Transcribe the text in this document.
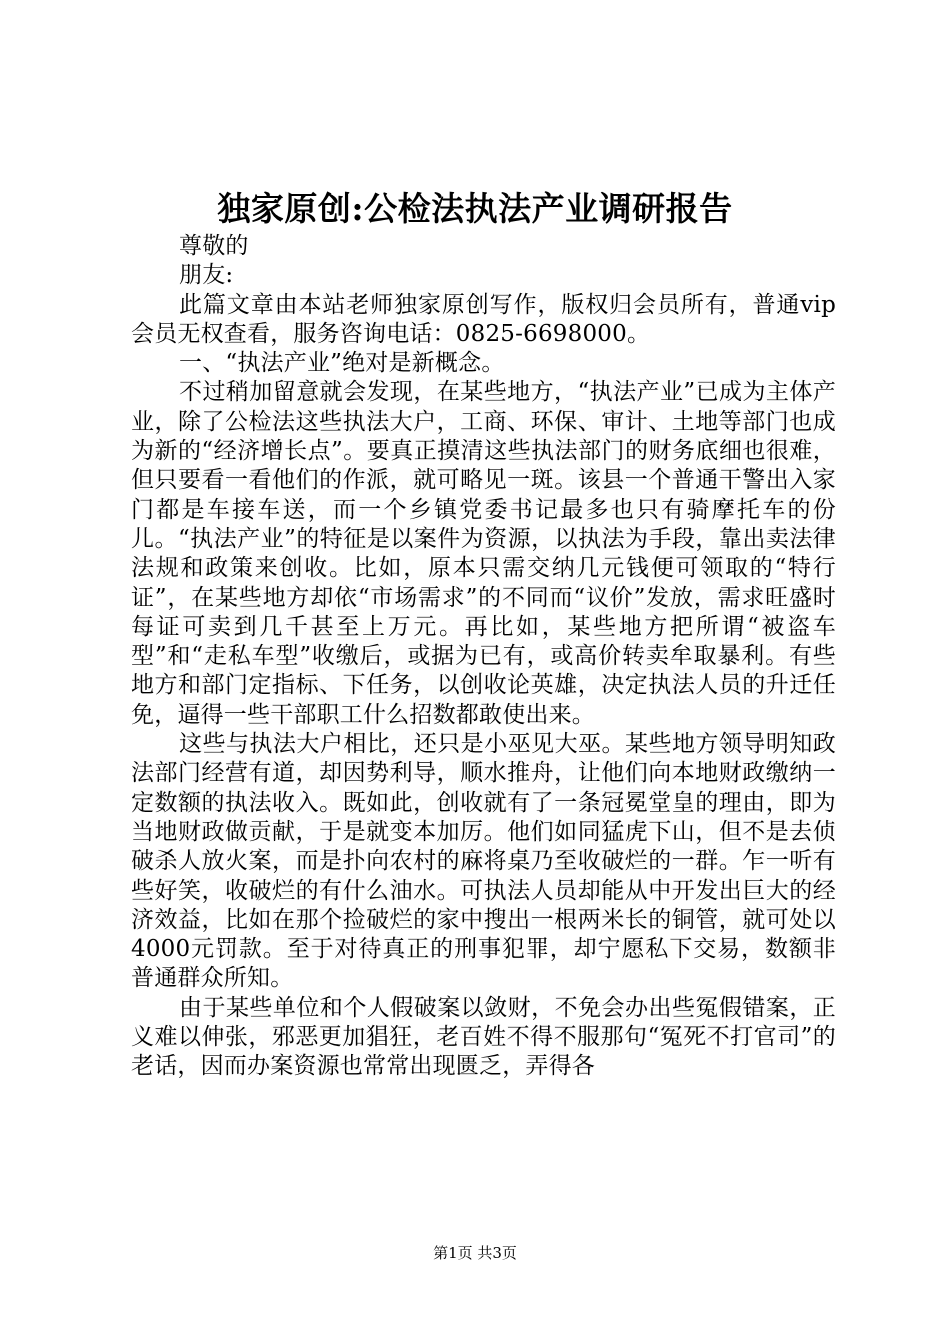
独家原创:公检法执法产业调研报告

尊敬的

朋友:

此篇文章由本站老师独家原创写作，版权归会员所有，普通vip会员无权查看，服务咨询电话：0825-6698000。

一、“执法产业”绝对是新概念。

不过稍加留意就会发现，在某些地方，“执法产业”已成为主体产业，除了公检法这些执法大户，工商、环保、审计、土地等部门也成为新的“经济增长点”。要真正摸清这些执法部门的财务底细也很难，但只要看一看他们的作派，就可略见一斑。该县一个普通干警出入家门都是车接车送，而一个乡镇党委书记最多也只有骑摩托车的份儿。“执法产业”的特征是以案件为资源，以执法为手段，靠出卖法律法规和政策来创收。比如，原本只需交纳几元钱便可领取的“特行证”，在某些地方却依“市场需求”的不同而“议价”发放，需求旺盛时每证可卖到几千甚至上万元。再比如，某些地方把所谓“被盗车型”和“走私车型”收缴后，或据为已有，或高价转卖牟取暴利。有些地方和部门定指标、下任务，以创收论英雄，决定执法人员的升迁任免，逼得一些干部职工什么招数都敢使出来。

这些与执法大户相比，还只是小巫见大巫。某些地方领导明知政法部门经营有道，却因势利导，顺水推舟，让他们向本地财政缴纳一定数额的执法收入。既如此，创收就有了一条冠冕堂皇的理由，即为当地财政做贡献，于是就变本加厉。他们如同猛虎下山，但不是去侦破杀人放火案，而是扑向农村的麻将桌乃至收破烂的一群。乍一听有些好笑，收破烂的有什么油水。可执法人员却能从中开发出巨大的经济效益，比如在那个捡破烂的家中搜出一根两米长的铜管，就可处以4000元罚款。至于对待真正的刑事犯罪，却宁愿私下交易，数额非普通群众所知。

由于某些单位和个人假破案以敛财，不免会办出些冤假错案，正义难以伸张，邪恶更加猖狂，老百姓不得不服那句“冤死不打官司”的老话，因而办案资源也常常出现匮乏，弄得各

第1页 共3页
